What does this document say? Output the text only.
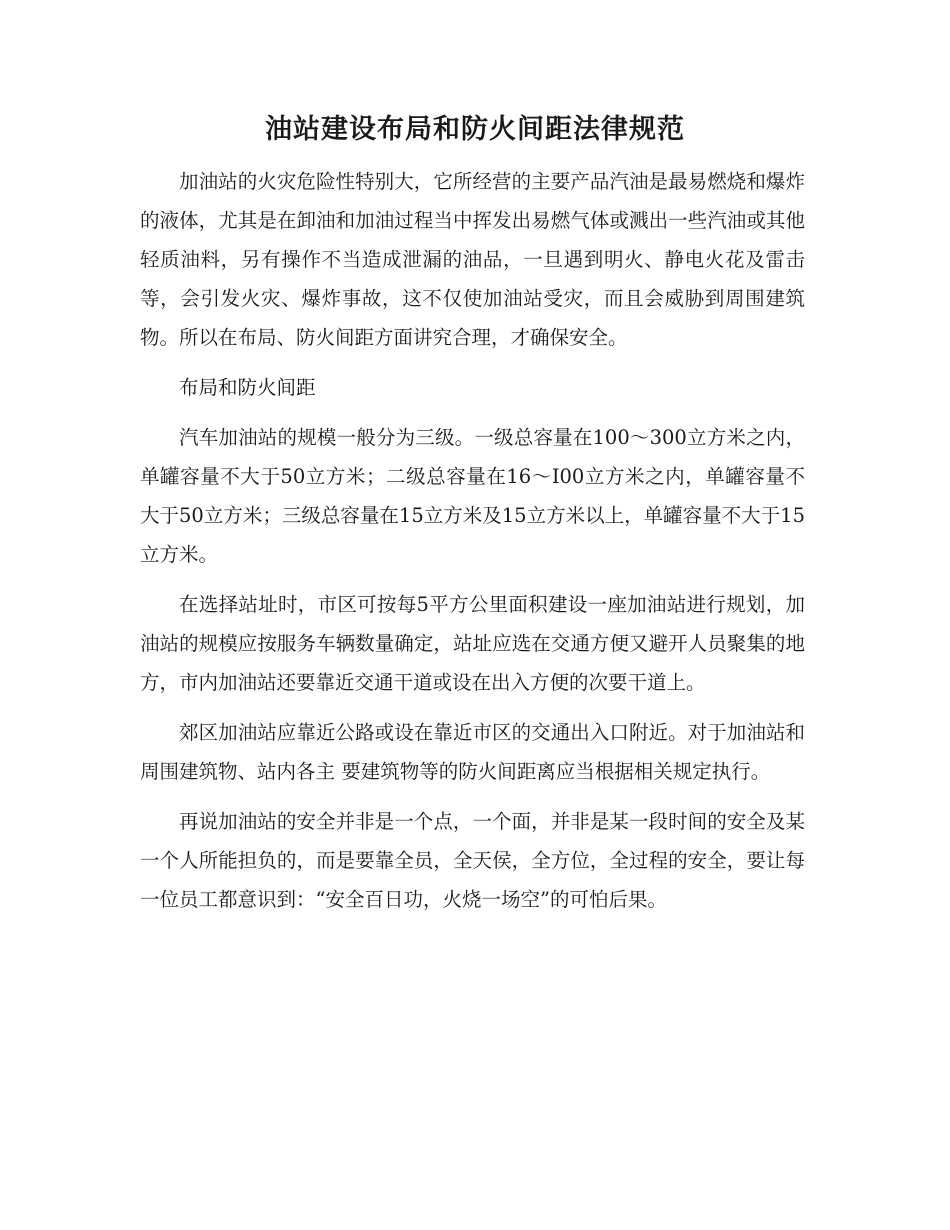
油站建设布局和防火间距法律规范

加油站的火灾危险性特别大，它所经营的主要产品汽油是最易燃烧和爆炸的液体，尤其是在卸油和加油过程当中挥发出易燃气体或溅出一些汽油或其他轻质油料，另有操作不当造成泄漏的油品，一旦遇到明火、静电火花及雷击等，会引发火灾、爆炸事故，这不仅使加油站受灾，而且会威胁到周围建筑物。所以在布局、防火间距方面讲究合理，才确保安全。

布局和防火间距

汽车加油站的规模一般分为三级。一级总容量在100～300立方米之内，单罐容量不大于50立方米；二级总容量在16～I00立方米之内，单罐容量不大于50立方米；三级总容量在15立方米及15立方米以上，单罐容量不大于15立方米。

在选择站址时，市区可按每5平方公里面积建设一座加油站进行规划，加油站的规模应按服务车辆数量确定，站址应选在交通方便又避开人员聚集的地方，市内加油站还要靠近交通干道或设在出入方便的次要干道上。

郊区加油站应靠近公路或设在靠近市区的交通出入口附近。对于加油站和周围建筑物、站内各主 要建筑物等的防火间距离应当根据相关规定执行。

再说加油站的安全并非是一个点，一个面，并非是某一段时间的安全及某一个人所能担负的，而是要靠全员，全天侯，全方位，全过程的安全，要让每一位员工都意识到：“安全百日功，火烧一场空”的可怕后果。
